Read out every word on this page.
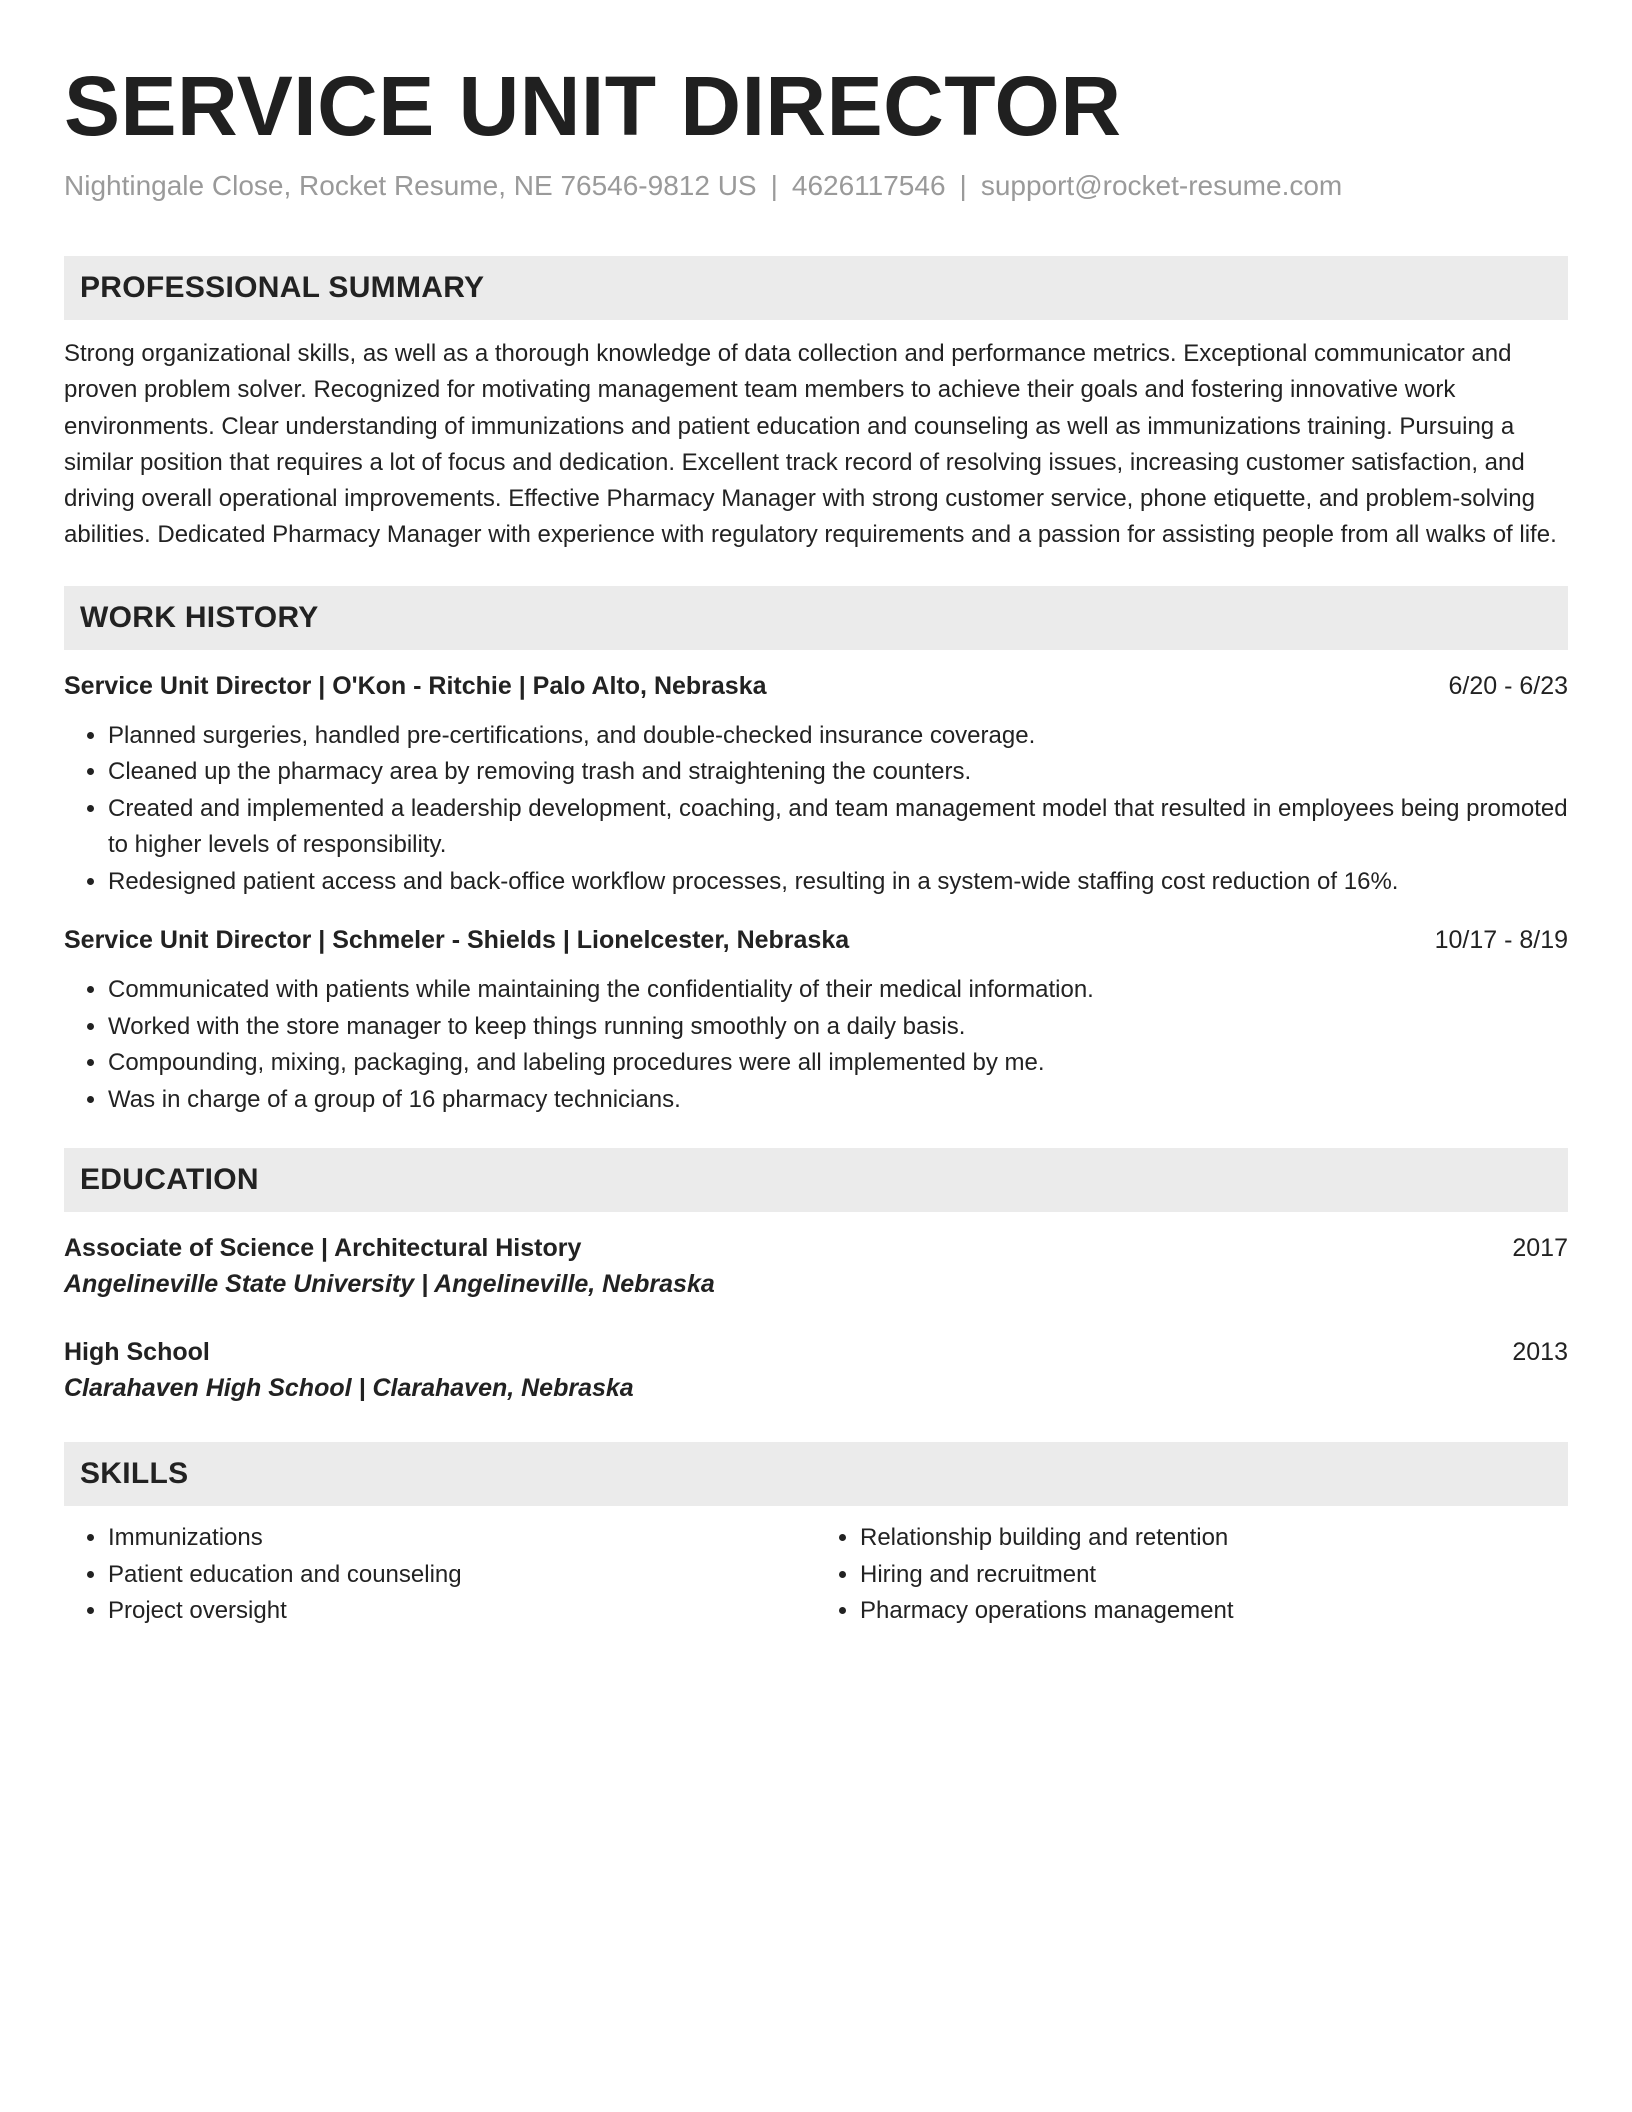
SERVICE UNIT DIRECTOR
Nightingale Close, Rocket Resume, NE 76546-9812 US | 4626117546 | support@rocket-resume.com
PROFESSIONAL SUMMARY
Strong organizational skills, as well as a thorough knowledge of data collection and performance metrics. Exceptional communicator and proven problem solver. Recognized for motivating management team members to achieve their goals and fostering innovative work environments. Clear understanding of immunizations and patient education and counseling as well as immunizations training. Pursuing a similar position that requires a lot of focus and dedication. Excellent track record of resolving issues, increasing customer satisfaction, and driving overall operational improvements. Effective Pharmacy Manager with strong customer service, phone etiquette, and problem-solving abilities. Dedicated Pharmacy Manager with experience with regulatory requirements and a passion for assisting people from all walks of life.
WORK HISTORY
Service Unit Director | O'Kon - Ritchie | Palo Alto, Nebraska	6/20 - 6/23
• Planned surgeries, handled pre-certifications, and double-checked insurance coverage.
• Cleaned up the pharmacy area by removing trash and straightening the counters.
• Created and implemented a leadership development, coaching, and team management model that resulted in employees being promoted to higher levels of responsibility.
• Redesigned patient access and back-office workflow processes, resulting in a system-wide staffing cost reduction of 16%.
Service Unit Director | Schmeler - Shields | Lionelcester, Nebraska	10/17 - 8/19
• Communicated with patients while maintaining the confidentiality of their medical information.
• Worked with the store manager to keep things running smoothly on a daily basis.
• Compounding, mixing, packaging, and labeling procedures were all implemented by me.
• Was in charge of a group of 16 pharmacy technicians.
EDUCATION
Associate of Science | Architectural History	2017
Angelineville State University | Angelineville, Nebraska
High School	2013
Clarahaven High School | Clarahaven, Nebraska
SKILLS
• Immunizations
• Patient education and counseling
• Project oversight
• Relationship building and retention
• Hiring and recruitment
• Pharmacy operations management
